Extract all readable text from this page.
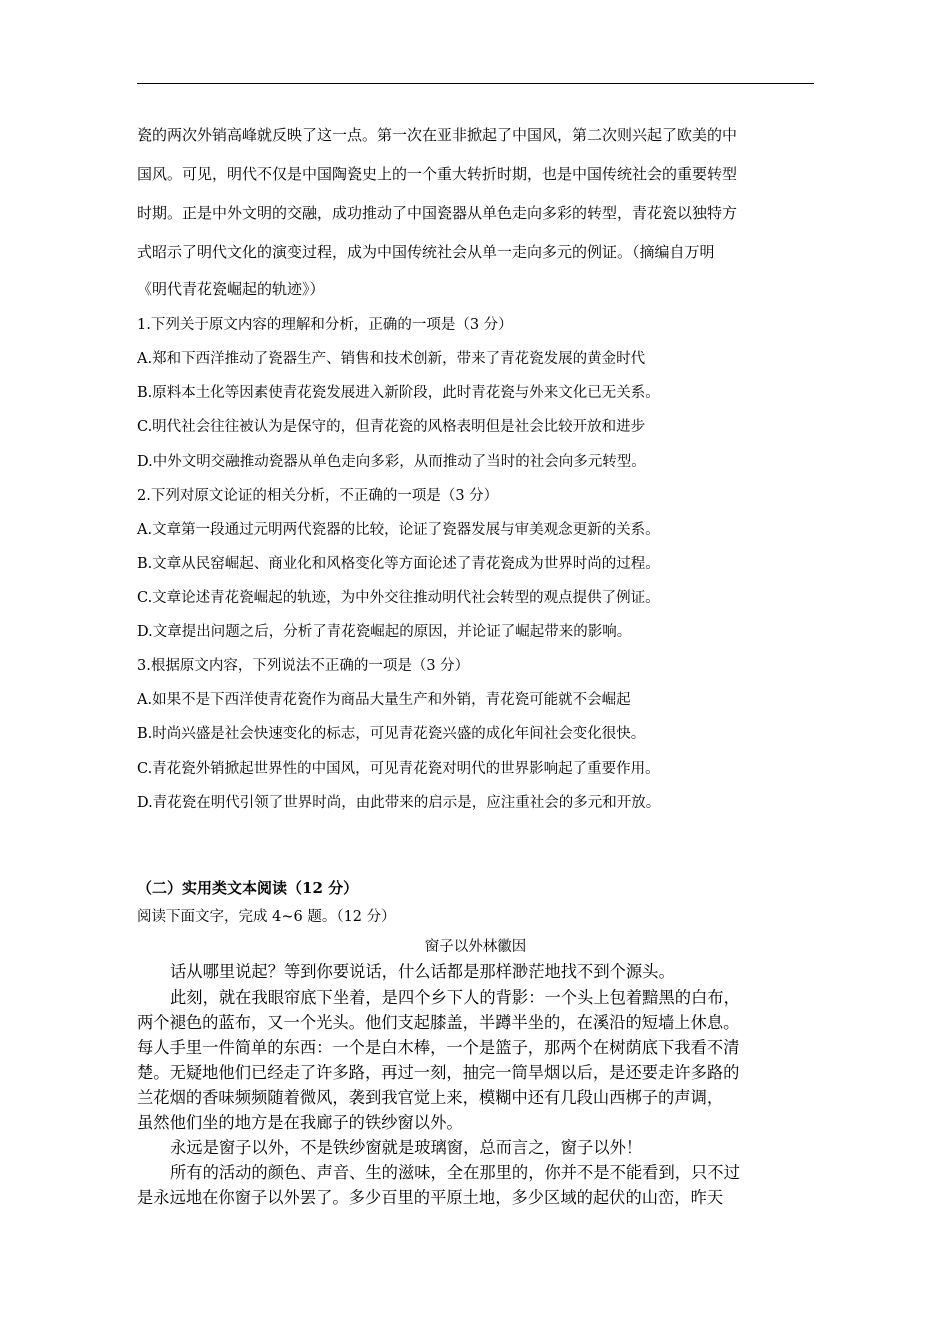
瓷的两次外销高峰就反映了这一点。第一次在亚非掀起了中国风，第二次则兴起了欧美的中
国风。可见，明代不仅是中国陶瓷史上的一个重大转折时期，也是中国传统社会的重要转型
时期。正是中外文明的交融，成功推动了中国瓷器从单色走向多彩的转型，青花瓷以独特方
式昭示了明代文化的演变过程，成为中国传统社会从单一走向多元的例证。（摘编自万明
《明代青花瓷崛起的轨迹》）
1.下列关于原文内容的理解和分析，正确的一项是（3 分）
A.郑和下西洋推动了瓷器生产、销售和技术创新，带来了青花瓷发展的黄金时代
B.原料本土化等因素使青花瓷发展进入新阶段，此时青花瓷与外来文化已无关系。
C.明代社会往往被认为是保守的，但青花瓷的风格表明但是社会比较开放和进步
D.中外文明交融推动瓷器从单色走向多彩，从而推动了当时的社会向多元转型。
2.下列对原文论证的相关分析，不正确的一项是（3 分）
A.文章第一段通过元明两代瓷器的比较，论证了瓷器发展与审美观念更新的关系。
B.文章从民窑崛起、商业化和风格变化等方面论述了青花瓷成为世界时尚的过程。
C.文章论述青花瓷崛起的轨迹，为中外交往推动明代社会转型的观点提供了例证。
D.文章提出问题之后，分析了青花瓷崛起的原因，并论证了崛起带来的影响。
3.根据原文内容，下列说法不正确的一项是（3 分）
A.如果不是下西洋使青花瓷作为商品大量生产和外销，青花瓷可能就不会崛起
B.时尚兴盛是社会快速变化的标志，可见青花瓷兴盛的成化年间社会变化很快。
C.青花瓷外销掀起世界性的中国风，可见青花瓷对明代的世界影响起了重要作用。
D.青花瓷在明代引领了世界时尚，由此带来的启示是，应注重社会的多元和开放。
（二）实用类文本阅读（12 分）
阅读下面文字，完成 4~6 题。（12 分）
窗子以外林徽因
话从哪里说起？等到你要说话，什么话都是那样渺茫地找不到个源头。
此刻，就在我眼帘底下坐着，是四个乡下人的背影：一个头上包着黯黑的白布，
两个褪色的蓝布，又一个光头。他们支起膝盖，半蹲半坐的，在溪沿的短墙上休息。
每人手里一件简单的东西：一个是白木棒，一个是篮子，那两个在树荫底下我看不清
楚。无疑地他们已经走了许多路，再过一刻，抽完一筒旱烟以后，是还要走许多路的
兰花烟的香味频频随着微风，袭到我官觉上来，模糊中还有几段山西梆子的声调，
虽然他们坐的地方是在我廊子的铁纱窗以外。
永远是窗子以外，不是铁纱窗就是玻璃窗，总而言之，窗子以外！
所有的活动的颜色、声音、生的滋味，全在那里的，你并不是不能看到，只不过
是永远地在你窗子以外罢了。多少百里的平原土地，多少区域的起伏的山峦，昨天
